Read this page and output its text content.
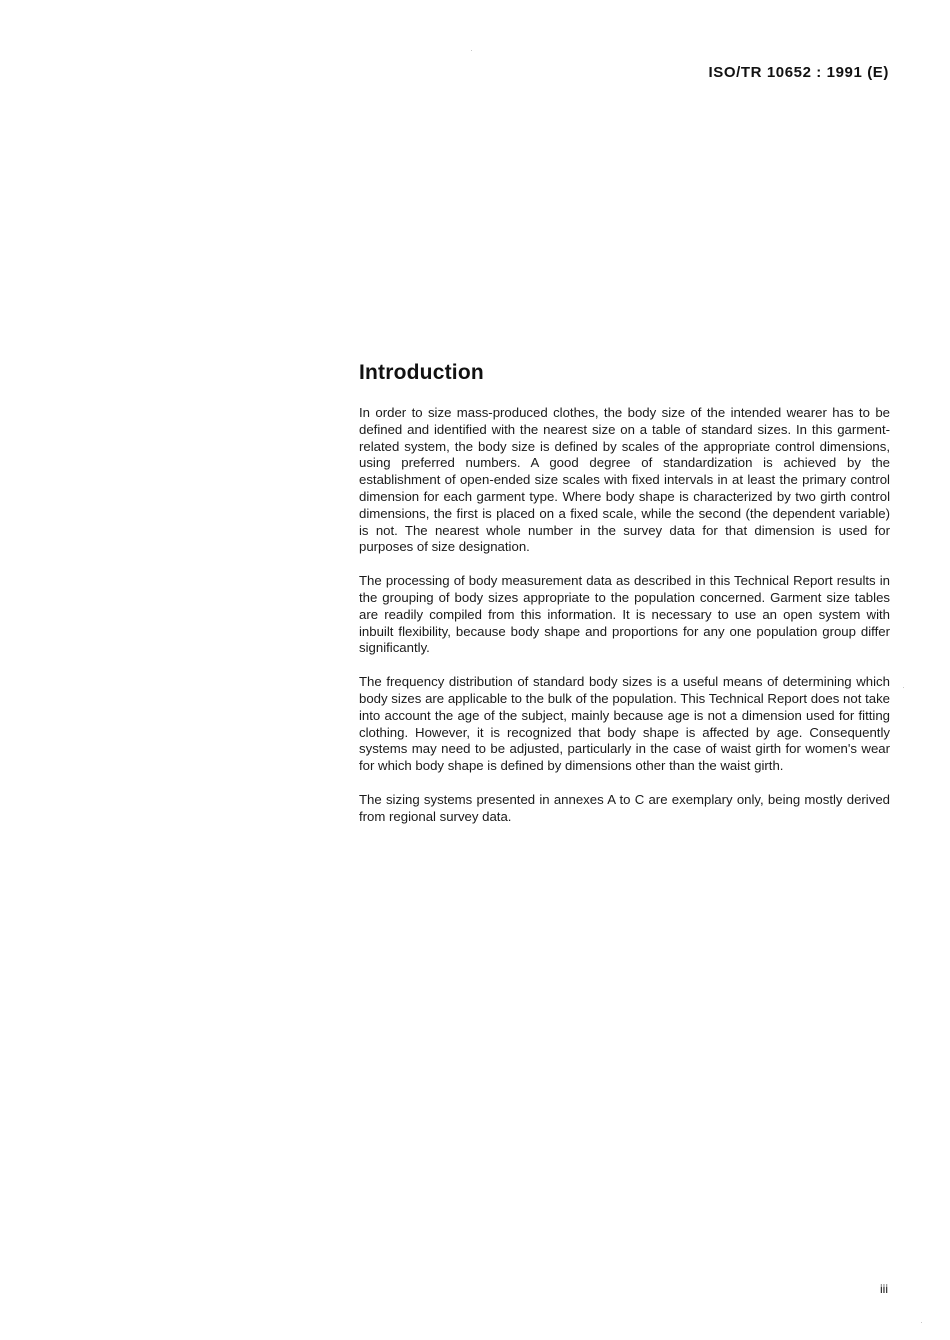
ISO/TR 10652 : 1991 (E)
Introduction

In order to size mass-produced clothes, the body size of the intended wearer has to be defined and identified with the nearest size on a table of standard sizes. In this garment-related system, the body size is defined by scales of the appropriate control dimensions, using preferred numbers. A good degree of standardization is achieved by the establishment of open-ended size scales with fixed intervals in at least the primary control dimension for each garment type. Where body shape is characterized by two girth control dimensions, the first is placed on a fixed scale, while the second (the dependent variable) is not. The nearest whole number in the survey data for that dimension is used for purposes of size designation.

The processing of body measurement data as described in this Technical Report results in the grouping of body sizes appropriate to the population concerned. Garment size tables are readily compiled from this information. It is necessary to use an open system with inbuilt flexibility, because body shape and proportions for any one population group differ significantly.

The frequency distribution of standard body sizes is a useful means of determining which body sizes are applicable to the bulk of the population. This Technical Report does not take into account the age of the subject, mainly because age is not a dimension used for fitting clothing. However, it is recognized that body shape is affected by age. Consequently systems may need to be adjusted, particularly in the case of waist girth for women's wear for which body shape is defined by dimensions other than the waist girth.

The sizing systems presented in annexes A to C are exemplary only, being mostly derived from regional survey data.

iii
